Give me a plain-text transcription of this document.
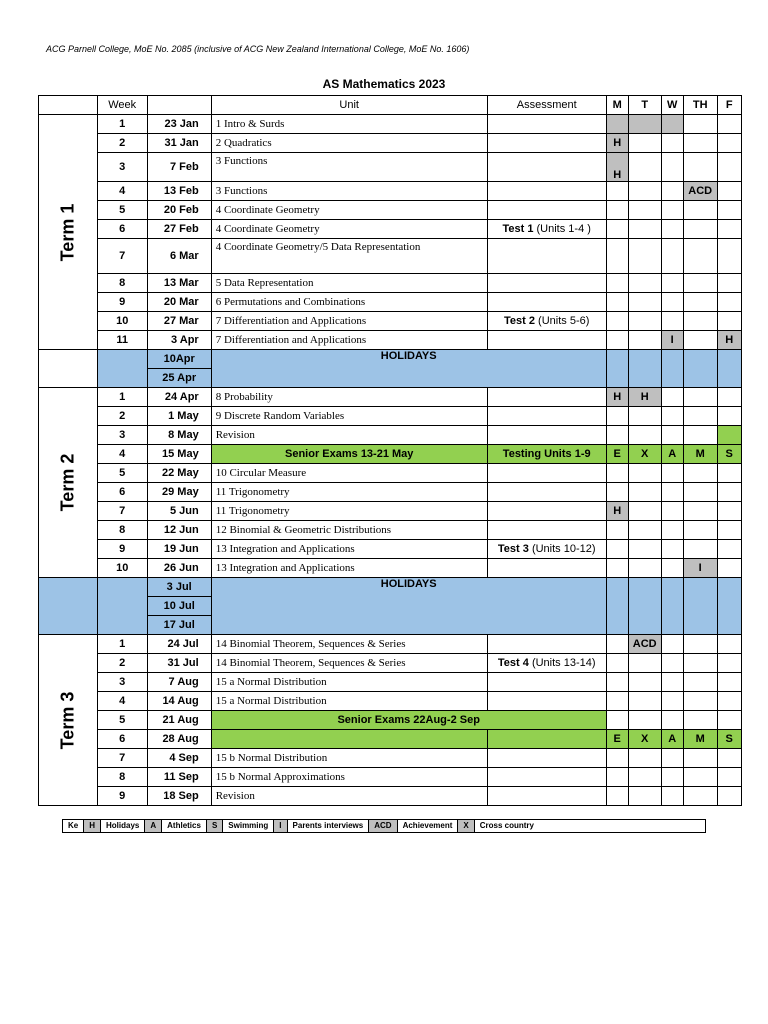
ACG Parnell College, MoE No. 2085 (inclusive of ACG New Zealand International College, MoE No. 1606)
AS Mathematics 2023
	Week		Unit	Assessment	M	T	W	TH	F
Term 1	1	23 Jan	1 Intro & Surds						
	2	31 Jan	2 Quadratics		H				
	3	7 Feb	3 Functions		H				
	4	13 Feb	3 Functions					ACD	
	5	20 Feb	4 Coordinate Geometry						
	6	27 Feb	4 Coordinate Geometry	Test 1 (Units 1-4 )					
	7	6 Mar	4 Coordinate Geometry/5 Data Representation						
	8	13 Mar	5 Data Representation						
	9	20 Mar	6 Permutations and Combinations						
	10	27 Mar	7 Differentiation and Applications	Test 2 (Units 5-6)					
	11	3 Apr	7 Differentiation and Applications				I		H
		10Apr	HOLIDAYS						
		25 Apr							
Term 2	1	24 Apr	8 Probability		H	H			
	2	1 May	9 Discrete Random Variables						
	3	8 May	Revision						
	4	15 May	Senior Exams 13-21 May	Testing Units 1-9	E	X	A	M	S
	5	22 May	10 Circular Measure						
	6	29 May	11 Trigonometry						
	7	5 Jun	11 Trigonometry		H				
	8	12 Jun	12 Binomial & Geometric Distributions						
	9	19 Jun	13 Integration and Applications	Test 3 (Units 10-12)					
	10	26 Jun	13 Integration and Applications					I	
		3 Jul	HOLIDAYS						
		10 Jul							
		17 Jul							
Term 3	1	24 Jul	14 Binomial Theorem, Sequences & Series			ACD			
	2	31 Jul	14 Binomial Theorem, Sequences & Series	Test 4 (Units 13-14)					
	3	7 Aug	15 a Normal Distribution						
	4	14 Aug	15 a Normal Distribution						
	5	21 Aug	Senior Exams 22Aug-2 Sep						
	6	28 Aug			E	X	A	M	S
	7	4 Sep	15 b Normal Distribution						
	8	11 Sep	15 b Normal Approximations						
	9	18 Sep	Revision						
Ke	H	Holidays	A	Athletics	S	Swimming	I	Parents interviews	ACD	Achievement	X	Cross country
